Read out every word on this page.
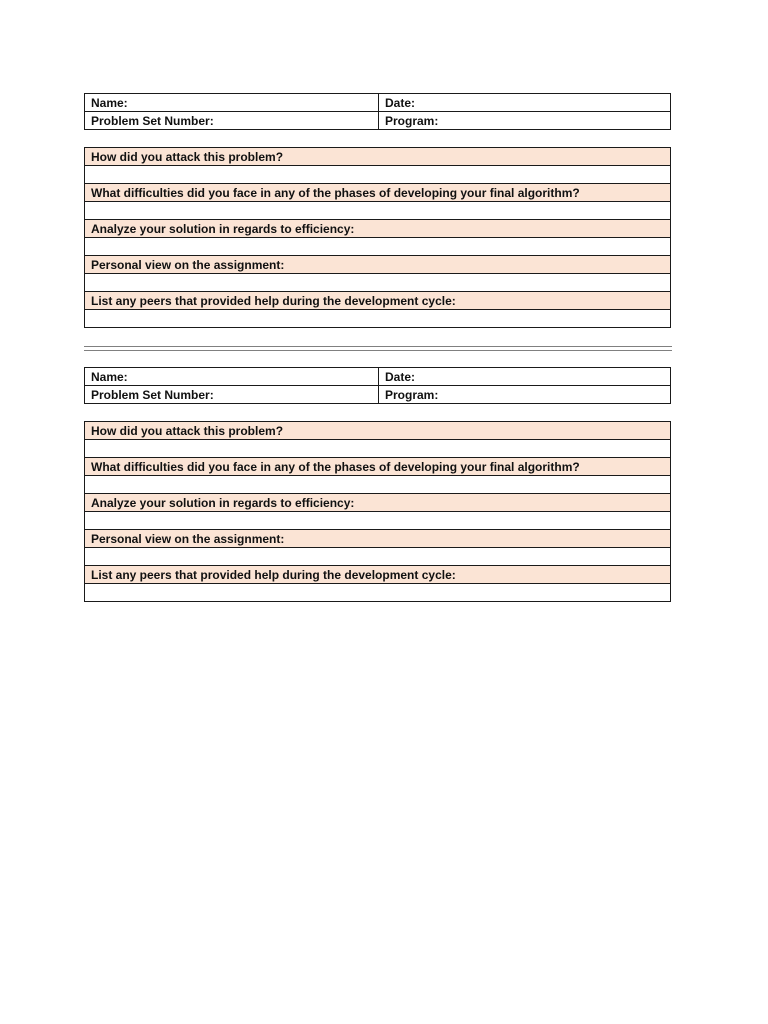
Name:	Date:
Problem Set Number:	Program:
How did you attack this problem?

What difficulties did you face in any of the phases of developing your final algorithm?

Analyze your solution in regards to efficiency:

Personal view on the assignment:

List any peers that provided help during the development cycle:

Name:	Date:
Problem Set Number:	Program:
How did you attack this problem?

What difficulties did you face in any of the phases of developing your final algorithm?

Analyze your solution in regards to efficiency:

Personal view on the assignment:

List any peers that provided help during the development cycle:
